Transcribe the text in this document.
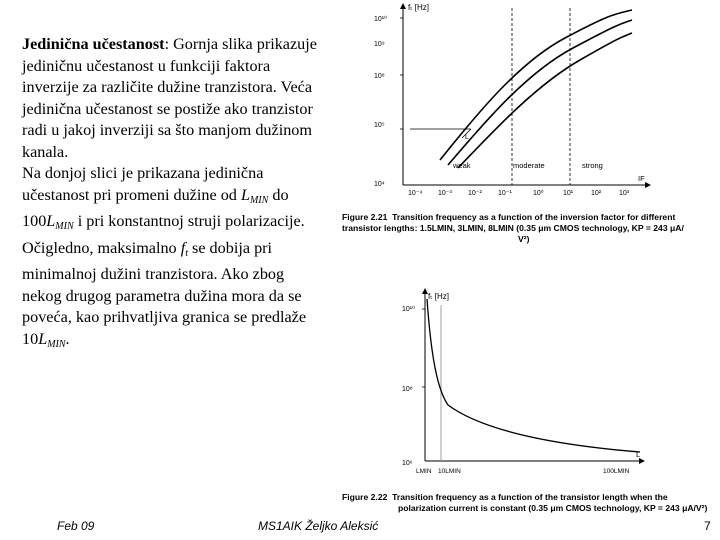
Jedinična učestanost: Gornja slika prikazuje jediničnu učestanost u funkciji faktora inverzije za različite dužine tranzistora. Veća jedinična učestanost se postiže ako tranzistor radi u jakoj inverziji sa što manjom dužinom kanala.

Na donjoj slici je prikazana jedinična učestanost pri promeni dužine od $L_{MIN}$ do $100L_{MIN}$ i pri konstantnoj struji polarizacije. Očigledno, maksimalno $f_t$ se dobija pri minimalnoj dužini tranzistora. Ako zbog nekog drugog parametra dužina mora da se poveća, kao prihvatljiva granica se predlaže $10L_{MIN}$.

fₜ [Hz]
IF
10⁴
10⁵
10⁸
10⁹
10¹⁰
10⁻⁴ 10⁻³ 10⁻² 10⁻¹	10⁰	10¹	10²	10³
weak	moderate	strong
L
Figure 2.21 Transition frequency as a function of the inversion factor for different
transistor lengths: 1.5LMIN, 3LMIN, 8LMIN (0.35 μm CMOS technology, KP = 243 μA/
V²)
fₜ [Hz]
L
10¹⁰
10⁸
10⁶
LMIN 10LMIN	100LMIN
Figure 2.22 Transition frequency as a function of the transistor length when the
polarization current is constant (0.35 μm CMOS technology, KP = 243 μA/V²)
Feb 09	MS1AIK Željko Aleksić	7
